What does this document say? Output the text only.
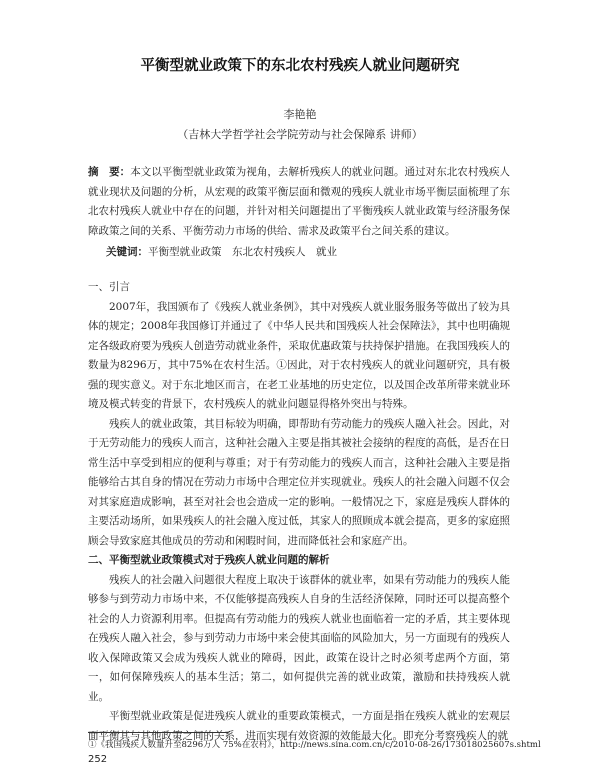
平衡型就业政策下的东北农村残疾人就业问题研究
李艳艳
（吉林大学哲学社会学院劳动与社会保障系 讲师）
摘　要：本文以平衡型就业政策为视角，去解析残疾人的就业问题。通过对东北农村残疾人就业现状及问题的分析，从宏观的政策平衡层面和微观的残疾人就业市场平衡层面梳理了东北农村残疾人就业中存在的问题，并针对相关问题提出了平衡残疾人就业政策与经济服务保障政策之间的关系、平衡劳动力市场的供给、需求及政策平台之间关系的建议。
关键词：平衡型就业政策　东北农村残疾人　就业

一、引言

2007年，我国颁布了《残疾人就业条例》，其中对残疾人就业服务服务等做出了较为具体的规定；2008年我国修订并通过了《中华人民共和国残疾人社会保障法》，其中也明确规定各级政府要为残疾人创造劳动就业条件，采取优惠政策与扶持保护措施。在我国残疾人的数量为8296万，其中75%在农村生活。①因此，对于农村残疾人的就业问题研究，具有极强的现实意义。对于东北地区而言，在老工业基地的历史定位，以及国企改革所带来就业环境及模式转变的背景下，农村残疾人的就业问题显得格外突出与特殊。

残疾人的就业政策，其目标较为明确，即帮助有劳动能力的残疾人融入社会。因此，对于无劳动能力的残疾人而言，这种社会融入主要是指其被社会接纳的程度的高低，是否在日常生活中享受到相应的便利与尊重；对于有劳动能力的残疾人而言，这种社会融入主要是指能够给古其自身的情况在劳动力市场中合理定位并实现就业。残疾人的社会融入问题不仅会对其家庭造成影响，甚至对社会也会造成一定的影响。一般情况之下，家庭是残疾人群体的主要活动场所，如果残疾人的社会融入度过低，其家人的照顾成本就会提高，更多的家庭照顾会导致家庭其他成员的劳动和闲暇时间，进而降低社会和家庭产出。

二、平衡型就业政策模式对于残疾人就业问题的解析

残疾人的社会融入问题很大程度上取决于该群体的就业率，如果有劳动能力的残疾人能够参与到劳动力市场中来，不仅能够提高残疾人自身的生活经济保障，同时还可以提高整个社会的人力资源利用率。但提高有劳动能力的残疾人就业也面临着一定的矛盾，其主要体现在残疾人融入社会，参与到劳动力市场中来会使其面临的风险加大，另一方面现有的残疾人收入保障政策又会成为残疾人就业的障碍，因此，政策在设计之时必须考虑两个方面，第一，如何保障残疾人的基本生活；第二，如何提供完善的就业政策，激励和扶持残疾人就业。

平衡型就业政策是促进残疾人就业的重要政策模式，一方面是指在残疾人就业的宏观层面平衡其与其他政策之间的关系，进而实现有效资源的效能最大化。即充分考察残疾人的就

①《我国残疾人数量升至8296万人 75%在农村》，http://news.sina.com.cn/c/2010-08-26/173018025607s.shtml
252
